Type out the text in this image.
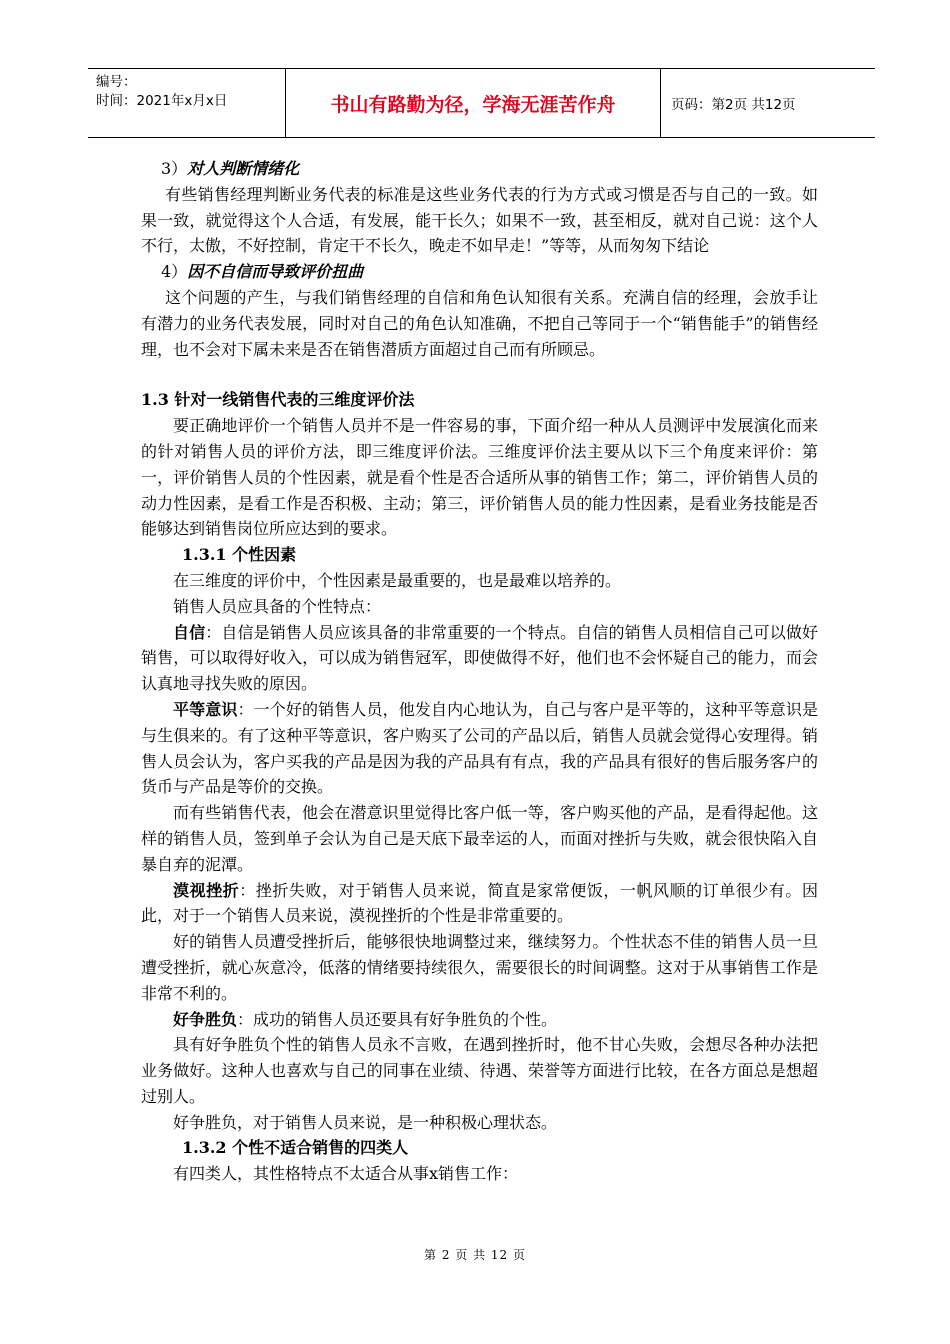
编号：
时间：2021年x月x日	书山有路勤为径，学海无涯苦作舟	页码：第2页 共12页

3）对人判断情绪化

有些销售经理判断业务代表的标准是这些业务代表的行为方式或习惯是否与自己的一致。如果一致，就觉得这个人合适，有发展，能干长久；如果不一致，甚至相反，就对自己说：这个人不行，太傲，不好控制，肯定干不长久，晚走不如早走！”等等，从而匆匆下结论

4）因不自信而导致评价扭曲

这个问题的产生，与我们销售经理的自信和角色认知很有关系。充满自信的经理，会放手让有潜力的业务代表发展，同时对自己的角色认知准确，不把自己等同于一个“销售能手”的销售经理，也不会对下属未来是否在销售潜质方面超过自己而有所顾忌。

1.3 针对一线销售代表的三维度评价法

要正确地评价一个销售人员并不是一件容易的事，下面介绍一种从人员测评中发展演化而来的针对销售人员的评价方法，即三维度评价法。三维度评价法主要从以下三个角度来评价：第一，评价销售人员的个性因素，就是看个性是否合适所从事的销售工作；第二，评价销售人员的动力性因素，是看工作是否积极、主动；第三，评价销售人员的能力性因素，是看业务技能是否能够达到销售岗位所应达到的要求。

1.3.1 个性因素

在三维度的评价中，个性因素是最重要的，也是最难以培养的。

销售人员应具备的个性特点：

自信：自信是销售人员应该具备的非常重要的一个特点。自信的销售人员相信自己可以做好销售，可以取得好收入，可以成为销售冠军，即使做得不好，他们也不会怀疑自己的能力，而会认真地寻找失败的原因。

平等意识：一个好的销售人员，他发自内心地认为，自己与客户是平等的，这种平等意识是与生俱来的。有了这种平等意识，客户购买了公司的产品以后，销售人员就会觉得心安理得。销售人员会认为，客户买我的产品是因为我的产品具有有点，我的产品具有很好的售后服务客户的货币与产品是等价的交换。

而有些销售代表，他会在潜意识里觉得比客户低一等，客户购买他的产品，是看得起他。这样的销售人员，签到单子会认为自己是天底下最幸运的人，而面对挫折与失败，就会很快陷入自暴自弃的泥潭。

漠视挫折：挫折失败，对于销售人员来说，简直是家常便饭，一帆风顺的订单很少有。因此，对于一个销售人员来说，漠视挫折的个性是非常重要的。

好的销售人员遭受挫折后，能够很快地调整过来，继续努力。个性状态不佳的销售人员一旦遭受挫折，就心灰意冷，低落的情绪要持续很久，需要很长的时间调整。这对于从事销售工作是非常不利的。

好争胜负：成功的销售人员还要具有好争胜负的个性。

具有好争胜负个性的销售人员永不言败，在遇到挫折时，他不甘心失败，会想尽各种办法把业务做好。这种人也喜欢与自己的同事在业绩、待遇、荣誉等方面进行比较，在各方面总是想超过别人。

好争胜负，对于销售人员来说，是一种积极心理状态。

1.3.2 个性不适合销售的四类人

有四类人，其性格特点不太适合从事x销售工作：

第 2 页 共 12 页
